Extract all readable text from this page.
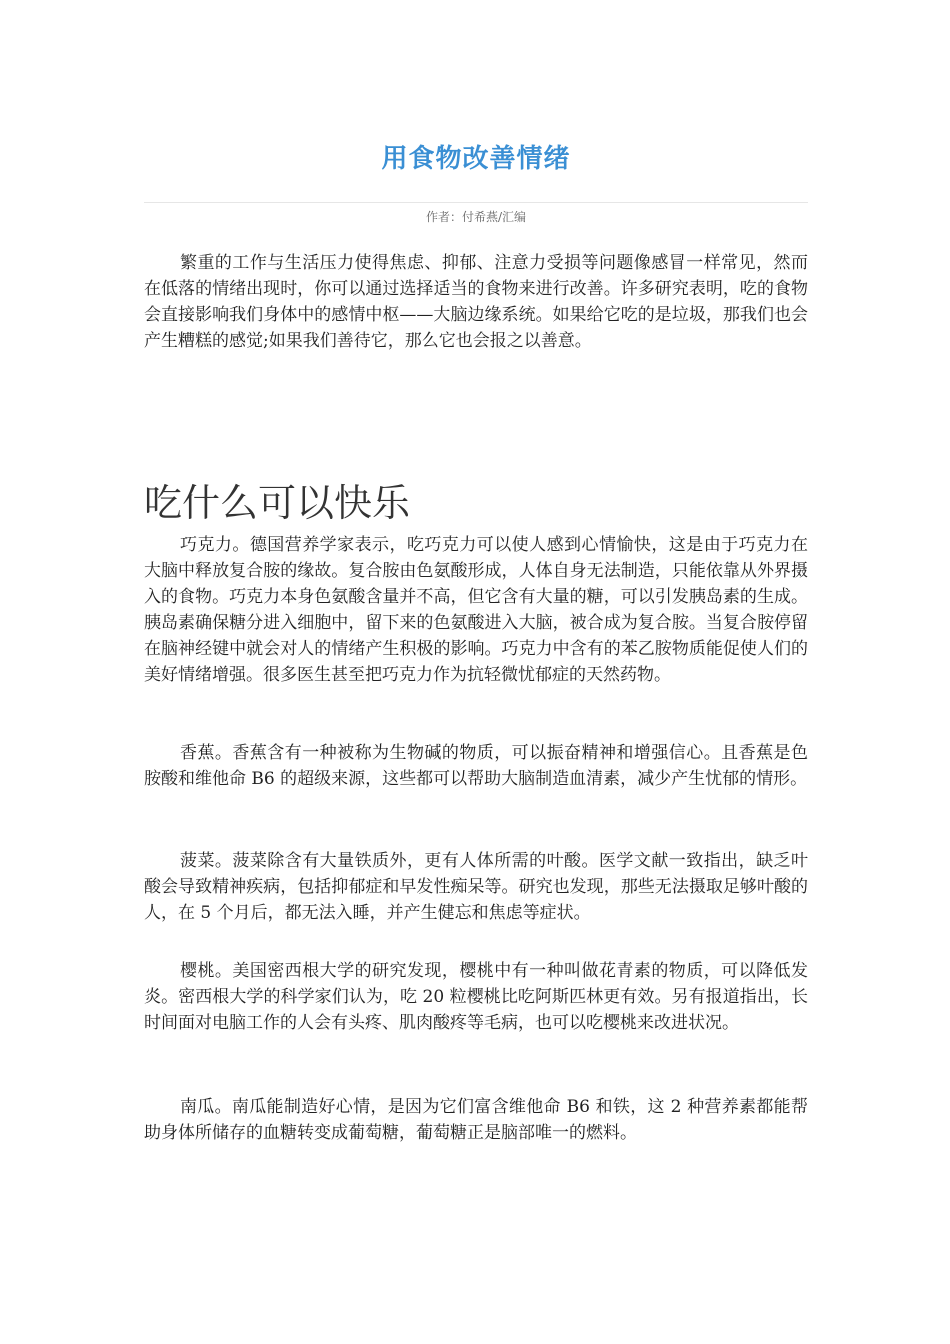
用食物改善情绪
作者：付希燕/汇编

繁重的工作与生活压力使得焦虑、抑郁、注意力受损等问题像感冒一样常见，然而在低落的情绪出现时，你可以通过选择适当的食物来进行改善。许多研究表明，吃的食物会直接影响我们身体中的感情中枢——大脑边缘系统。如果给它吃的是垃圾，那我们也会产生糟糕的感觉;如果我们善待它，那么它也会报之以善意。

吃什么可以快乐

巧克力。德国营养学家表示，吃巧克力可以使人感到心情愉快，这是由于巧克力在大脑中释放复合胺的缘故。复合胺由色氨酸形成，人体自身无法制造，只能依靠从外界摄入的食物。巧克力本身色氨酸含量并不高，但它含有大量的糖，可以引发胰岛素的生成。胰岛素确保糖分进入细胞中，留下来的色氨酸进入大脑，被合成为复合胺。当复合胺停留在脑神经键中就会对人的情绪产生积极的影响。巧克力中含有的苯乙胺物质能促使人们的美好情绪增强。很多医生甚至把巧克力作为抗轻微忧郁症的天然药物。

香蕉。香蕉含有一种被称为生物碱的物质，可以振奋精神和增强信心。且香蕉是色胺酸和维他命 B6 的超级来源，这些都可以帮助大脑制造血清素，减少产生忧郁的情形。

菠菜。菠菜除含有大量铁质外，更有人体所需的叶酸。医学文献一致指出，缺乏叶酸会导致精神疾病，包括抑郁症和早发性痴呆等。研究也发现，那些无法摄取足够叶酸的人，在 5 个月后，都无法入睡，并产生健忘和焦虑等症状。

樱桃。美国密西根大学的研究发现，樱桃中有一种叫做花青素的物质，可以降低发炎。密西根大学的科学家们认为，吃 20 粒樱桃比吃阿斯匹林更有效。另有报道指出，长时间面对电脑工作的人会有头疼、肌肉酸疼等毛病，也可以吃樱桃来改进状况。

南瓜。南瓜能制造好心情，是因为它们富含维他命 B6 和铁，这 2 种营养素都能帮助身体所储存的血糖转变成葡萄糖，葡萄糖正是脑部唯一的燃料。
